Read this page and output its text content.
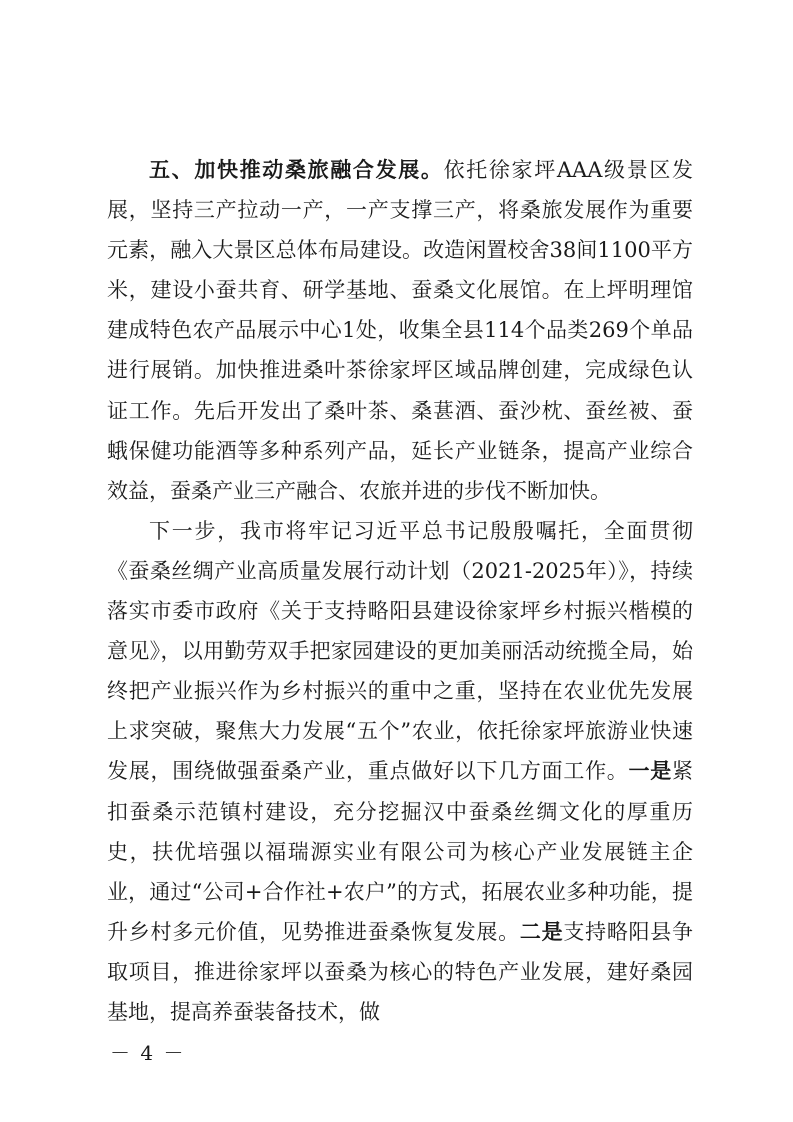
五、加快推动桑旅融合发展。依托徐家坪AAA级景区发展，坚持三产拉动一产，一产支撑三产，将桑旅发展作为重要元素，融入大景区总体布局建设。改造闲置校舍38间1100平方米，建设小蚕共育、研学基地、蚕桑文化展馆。在上坪明理馆建成特色农产品展示中心1处，收集全县114个品类269个单品进行展销。加快推进桑叶茶徐家坪区域品牌创建，完成绿色认证工作。先后开发出了桑叶茶、桑葚酒、蚕沙枕、蚕丝被、蚕蛾保健功能酒等多种系列产品，延长产业链条，提高产业综合效益，蚕桑产业三产融合、农旅并进的步伐不断加快。

下一步，我市将牢记习近平总书记殷殷嘱托，全面贯彻《蚕桑丝绸产业高质量发展行动计划（2021-2025年）》，持续落实市委市政府《关于支持略阳县建设徐家坪乡村振兴楷模的意见》，以用勤劳双手把家园建设的更加美丽活动统揽全局，始终把产业振兴作为乡村振兴的重中之重，坚持在农业优先发展上求突破，聚焦大力发展“五个”农业，依托徐家坪旅游业快速发展，围绕做强蚕桑产业，重点做好以下几方面工作。一是紧扣蚕桑示范镇村建设，充分挖掘汉中蚕桑丝绸文化的厚重历史，扶优培强以福瑞源实业有限公司为核心产业发展链主企业，通过“公司+合作社+农户”的方式，拓展农业多种功能，提升乡村多元价值，见势推进蚕桑恢复发展。二是支持略阳县争取项目，推进徐家坪以蚕桑为核心的特色产业发展，建好桑园基地，提高养蚕装备技术，做

－ 4 －
